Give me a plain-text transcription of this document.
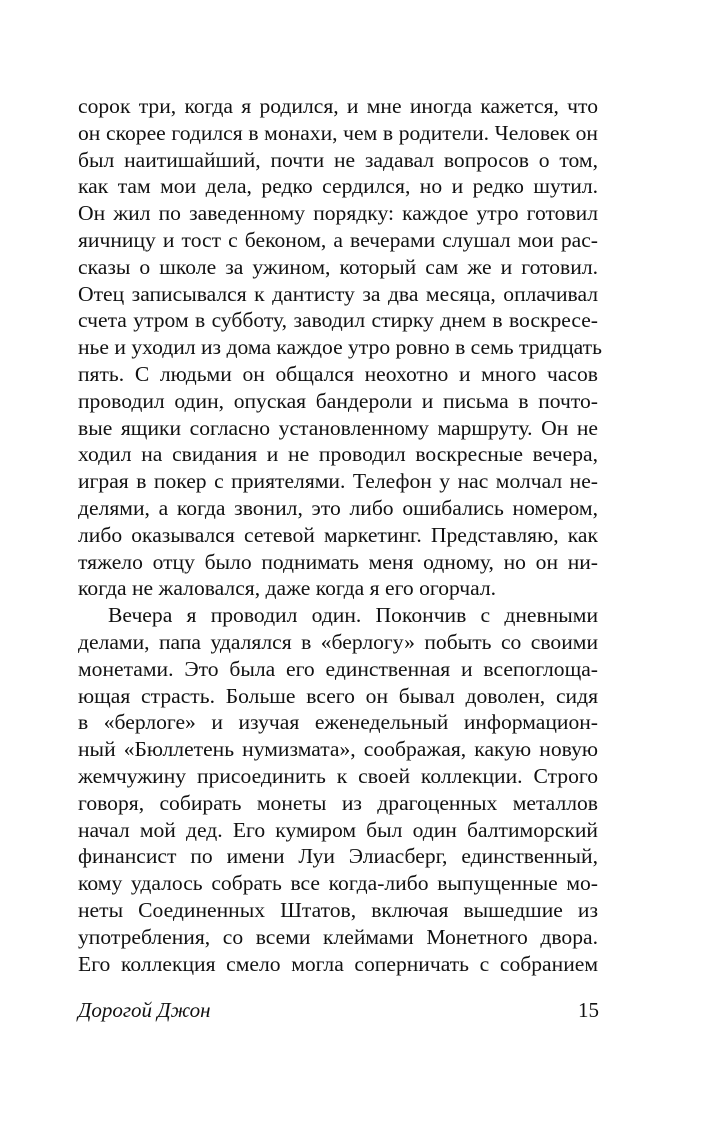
сорок три, когда я родился, и мне иногда кажется, что
он скорее годился в монахи, чем в родители. Человек он
был наитишайший, почти не задавал вопросов о том,
как там мои дела, редко сердился, но и редко шутил.
Он жил по заведенному порядку: каждое утро готовил
яичницу и тост с беконом, а вечерами слушал мои рас-
сказы о школе за ужином, который сам же и готовил.
Отец записывался к дантисту за два месяца, оплачивал
счета утром в субботу, заводил стирку днем в воскресе-
нье и уходил из дома каждое утро ровно в семь тридцать
пять. С людьми он общался неохотно и много часов
проводил один, опуская бандероли и письма в почто-
вые ящики согласно установленному маршруту. Он не
ходил на свидания и не проводил воскресные вечера,
играя в покер с приятелями. Телефон у нас молчал не-
делями, а когда звонил, это либо ошибались номером,
либо оказывался сетевой маркетинг. Представляю, как
тяжело отцу было поднимать меня одному, но он ни-
когда не жаловался, даже когда я его огорчал.
Вечера я проводил один. Покончив с дневными
делами, папа удалялся в «берлогу» побыть со своими
монетами. Это была его единственная и всепоглоща-
ющая страсть. Больше всего он бывал доволен, сидя
в «берлоге» и изучая еженедельный информацион-
ный «Бюллетень нумизмата», соображая, какую новую
жемчужину присоединить к своей коллекции. Строго
говоря, собирать монеты из драгоценных металлов
начал мой дед. Его кумиром был один балтиморский
финансист по имени Луи Элиасберг, единственный,
кому удалось собрать все когда-либо выпущенные мо-
неты Соединенных Штатов, включая вышедшие из
употребления, со всеми клеймами Монетного двора.
Его коллекция смело могла соперничать с собранием
Дорогой Джон	15
